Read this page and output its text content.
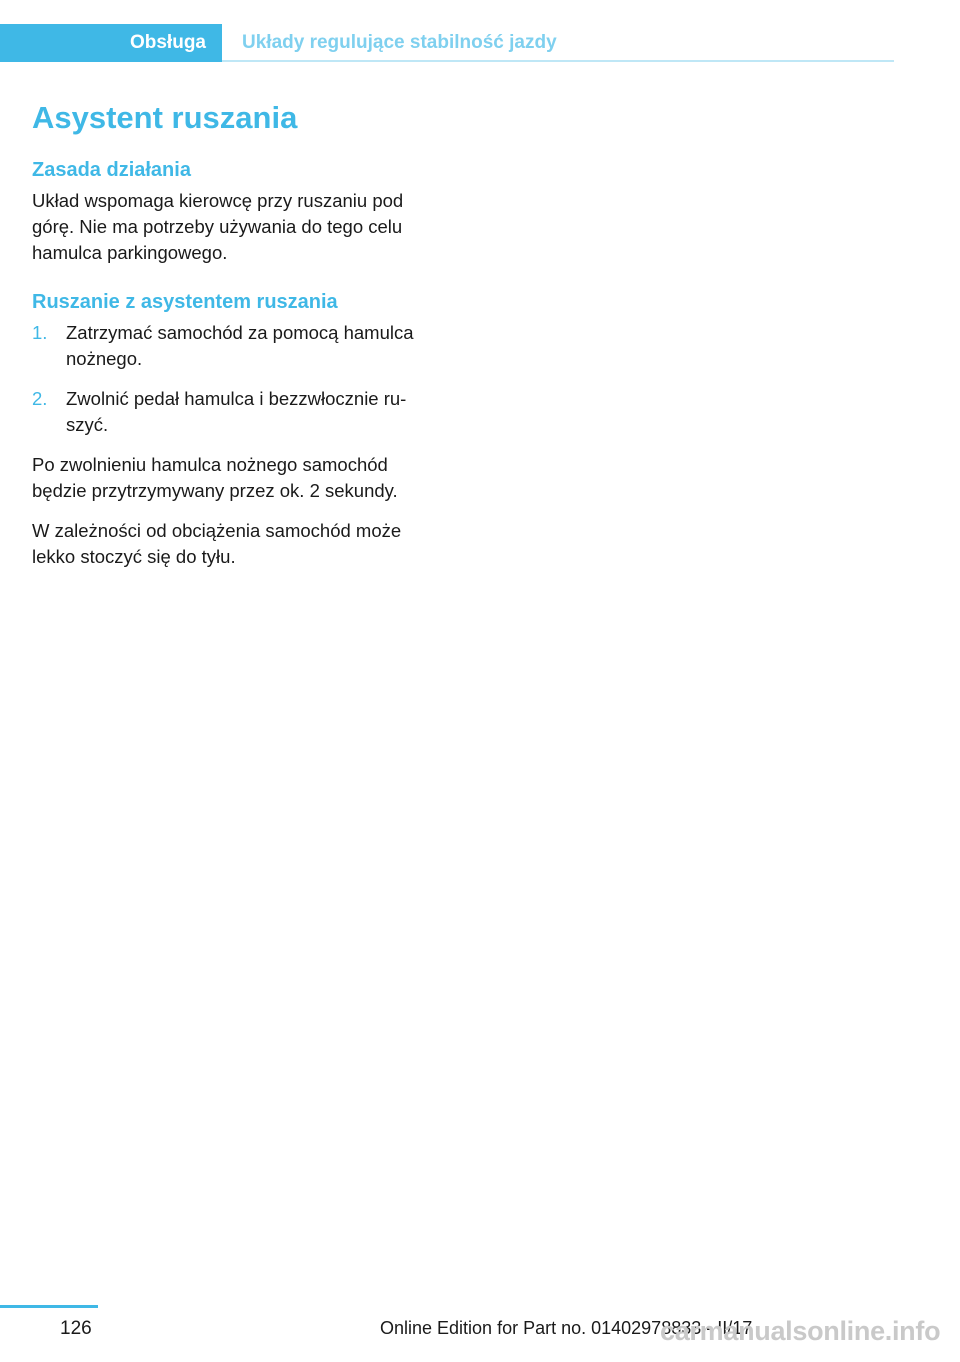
Obsługa	Układy regulujące stabilność jazdy
Asystent ruszania
Zasada działania

Układ wspomaga kierowcę przy ruszaniu pod górę. Nie ma potrzeby używania do tego celu hamulca parkingowego.

Ruszanie z asystentem ruszania
1. Zatrzymać samochód za pomocą hamulca nożnego.
2. Zwolnić pedał hamulca i bezzwłocznie ru-szyć.

Po zwolnieniu hamulca nożnego samochód będzie przytrzymywany przez ok. 2 sekundy.

W zależności od obciążenia samochód może lekko stoczyć się do tyłu.

126	Online Edition for Part no. 01402978833 - II/17
carmanualsonline.info
